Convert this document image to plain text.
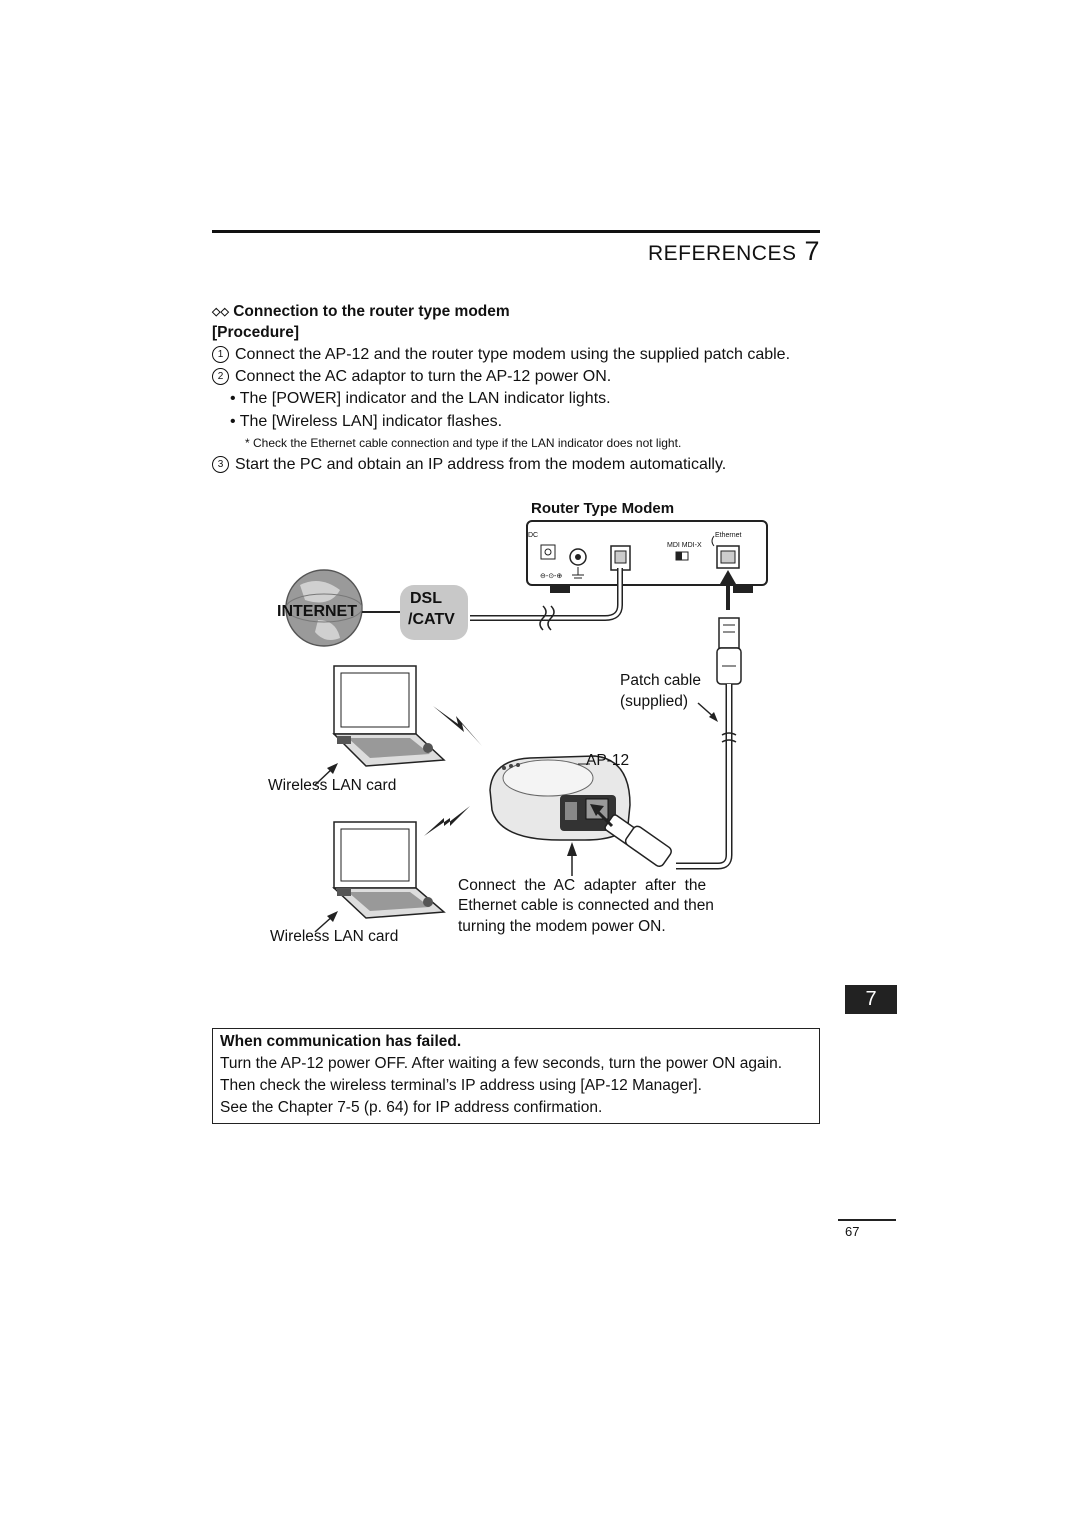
REFERENCES 7
◇◇ Connection to the router type modem
[Procedure]
1 Connect the AP-12 and the router type modem using the supplied patch cable.
2 Connect the AC adaptor to turn the AP-12 power ON.
• The [POWER] indicator and the LAN indicator lights.
• The [Wireless LAN] indicator flashes.
* Check the Ethernet cable connection and type if the LAN indicator does not light.
3 Start the PC and obtain an IP address from the modem automatically.
Router Type Modem
⊖-⊙-⊕
DC
MDI MDI-X
Ethernet
INTERNET
DSL
/CATV
Patch cable
(supplied)
AP-12
Wireless LAN card
Wireless LAN card
Connect  the  AC  adapter  after  the
Ethernet cable is connected and then
turning the modem power ON.
7
When communication has failed.
Turn the AP-12 power OFF. After waiting a few seconds, turn the power ON again.
Then check the wireless terminal’s IP address using [AP-12 Manager].
See the Chapter 7-5 (p. 64) for IP address confirmation.
67
